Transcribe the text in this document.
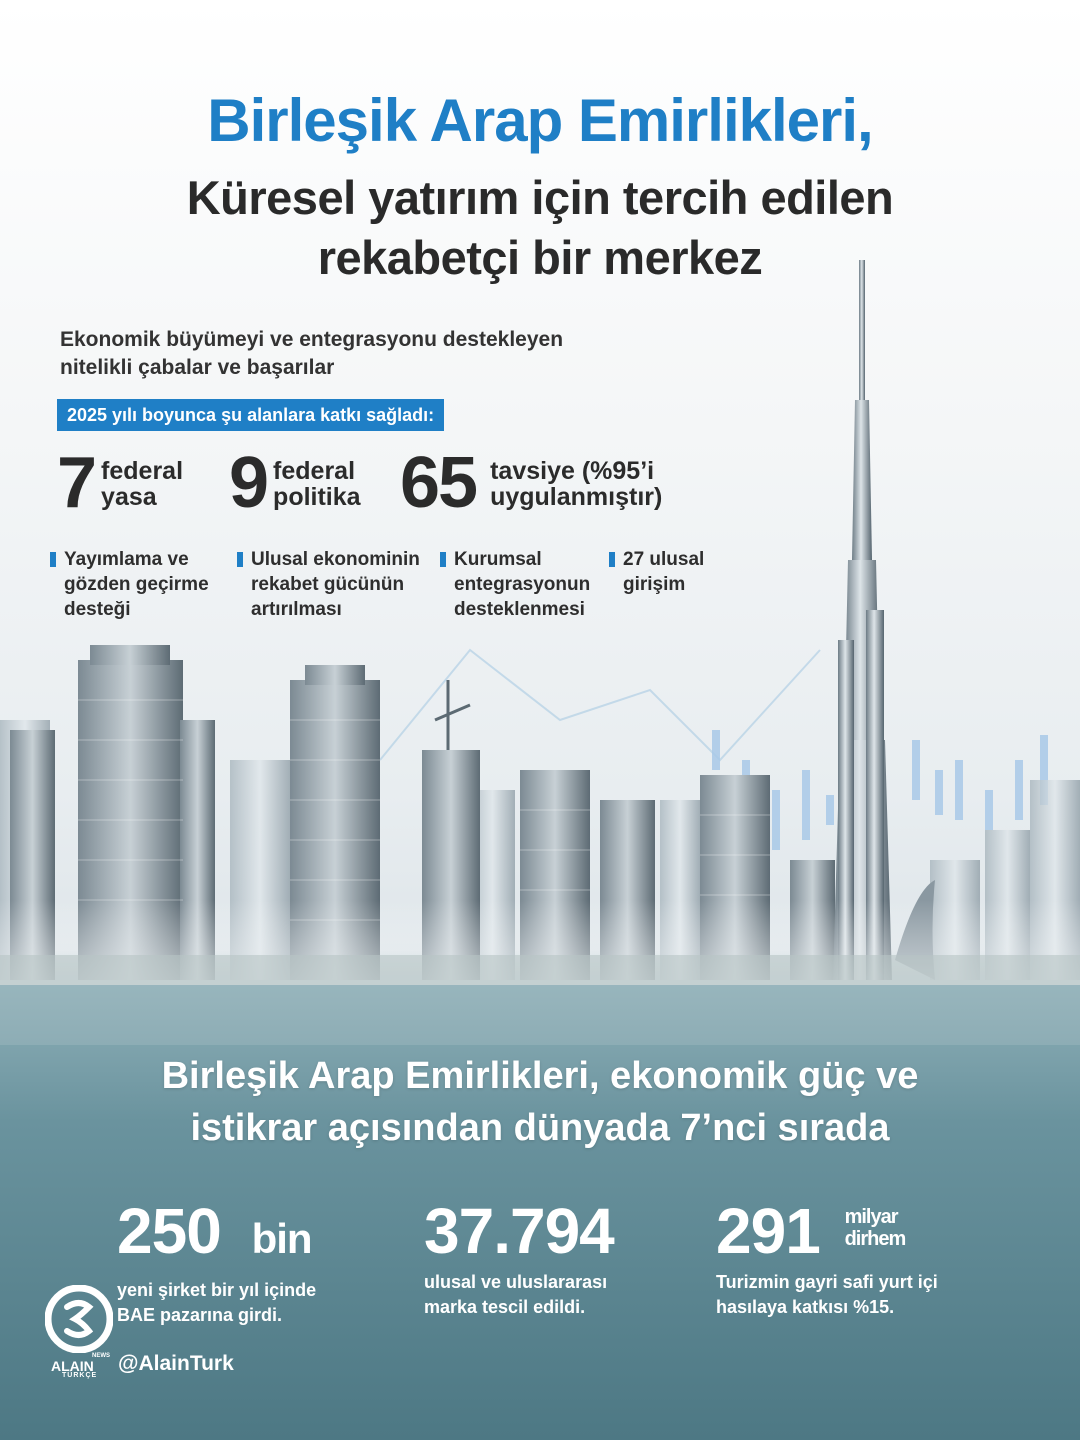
Birleşik Arap Emirlikleri,
Küresel yatırım için tercih edilen
rekabetçi bir merkez
Ekonomik büyümeyi ve entegrasyonu destekleyen
nitelikli çabalar ve başarılar
2025 yılı boyunca şu alanlara katkı sağladı:
7 federal
yasa	9 federal
politika 65 tavsiye (%95’i
uygulanmıştır)
Yayımlama ve
gözden geçirme
desteği
Ulusal ekonominin
rekabet gücünün
artırılması
Kurumsal
entegrasyonun
desteklenmesi
27 ulusal
girişim
Birleşik Arap Emirlikleri, ekonomik güç ve
istikrar açısından dünyada 7’nci sırada
250 bin
yeni şirket bir yıl içinde
BAE pazarına girdi.
37.794
ulusal ve uluslararası
marka tescil edildi.
291 milyar
dirhem
Turizmin gayri safi yurt içi
hasılaya katkısı %15.
ALAIN
NEWS
TÜRKÇE
@AlainTurk
